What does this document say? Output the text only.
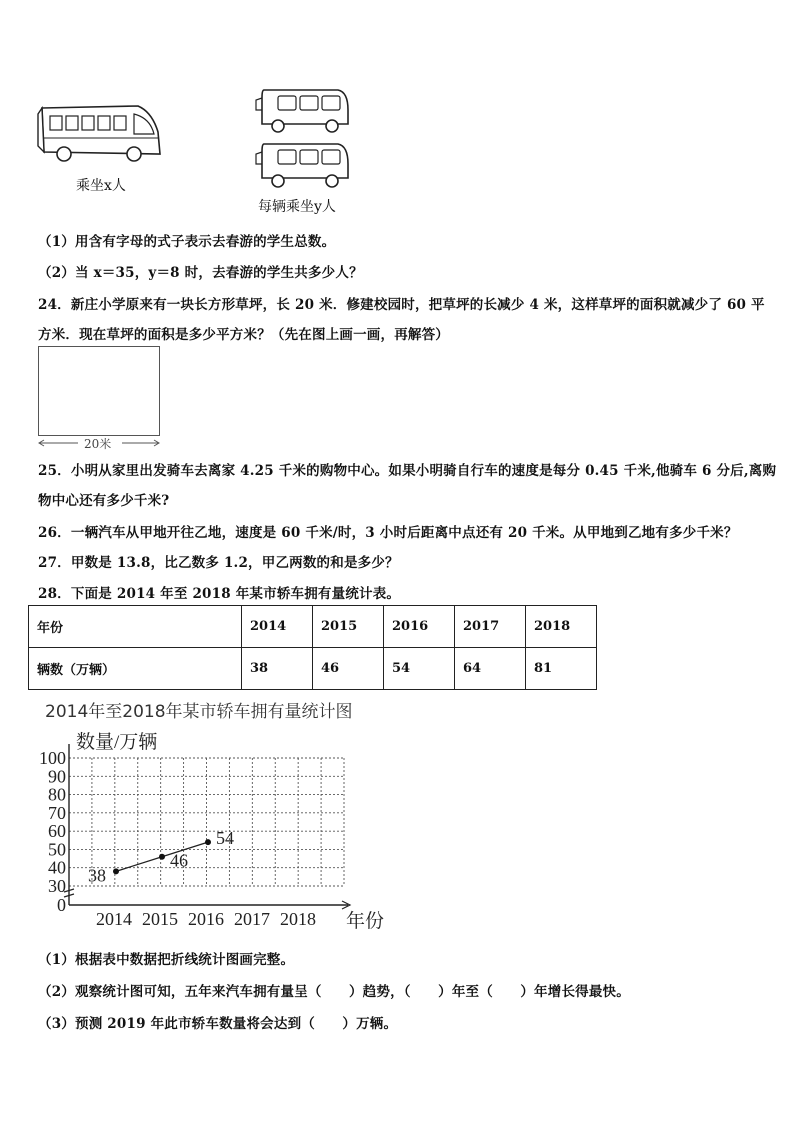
乘坐x人
每辆乘坐y人
（1）用含有字母的式子表示去春游的学生总数。
（2）当 x＝35，y＝8 时，去春游的学生共多少人？
24．新庄小学原来有一块长方形草坪，长 20 米．修建校园时，把草坪的长减少 4 米，这样草坪的面积就减少了 60 平
方米．现在草坪的面积是多少平方米？（先在图上画一画，再解答）
20米
25．小明从家里出发骑车去离家 4.25 千米的购物中心。如果小明骑自行车的速度是每分 0.45 千米,他骑车 6 分后,离购
物中心还有多少千米?
26．一辆汽车从甲地开往乙地，速度是 60 千米/时，3 小时后距离中点还有 20 千米。从甲地到乙地有多少千米？
27．甲数是 13.8，比乙数多 1.2，甲乙两数的和是多少？
28．下面是 2014 年至 2018 年某市轿车拥有量统计表。
年份	2014	2015	2016	2017	2018
辆数（万辆）	38	46	54	64	81
2014年至2018年某市轿车拥有量统计图
0
30
40
50
60
70
80
90
100
2014 2015 2016 2017 2018
数量/万辆
年份
38
46
54
（1）根据表中数据把折线统计图画完整。
（2）观察统计图可知，五年来汽车拥有量呈（　　）趋势，（　　）年至（　　）年增长得最快。
（3）预测 2019 年此市轿车数量将会达到（　　）万辆。
